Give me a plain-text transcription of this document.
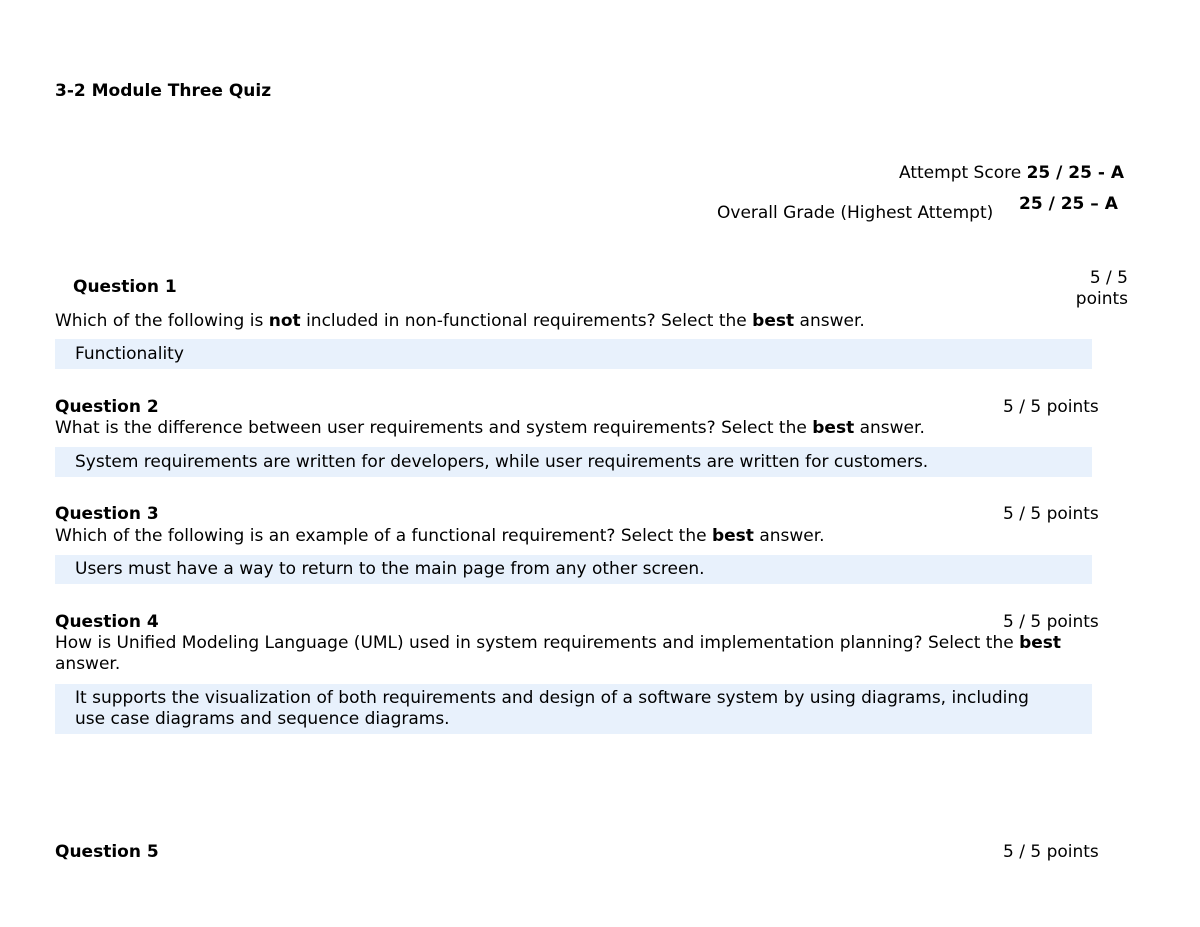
3-2 Module Three Quiz
Attempt Score 25 / 25 - A
Overall Grade (Highest Attempt) 25 / 25 – A
Question 1	5 / 5 points
Which of the following is not included in non-functional requirements? Select the best answer.
Functionality
Question 2	5 / 5 points
What is the difference between user requirements and system requirements? Select the best answer.
System requirements are written for developers, while user requirements are written for customers.
Question 3	5 / 5 points
Which of the following is an example of a functional requirement? Select the best answer.
Users must have a way to return to the main page from any other screen.
Question 4	5 / 5 points
How is Unified Modeling Language (UML) used in system requirements and implementation planning? Select the best answer.
It supports the visualization of both requirements and design of a software system by using diagrams, including use case diagrams and sequence diagrams.
Question 5	5 / 5 points
